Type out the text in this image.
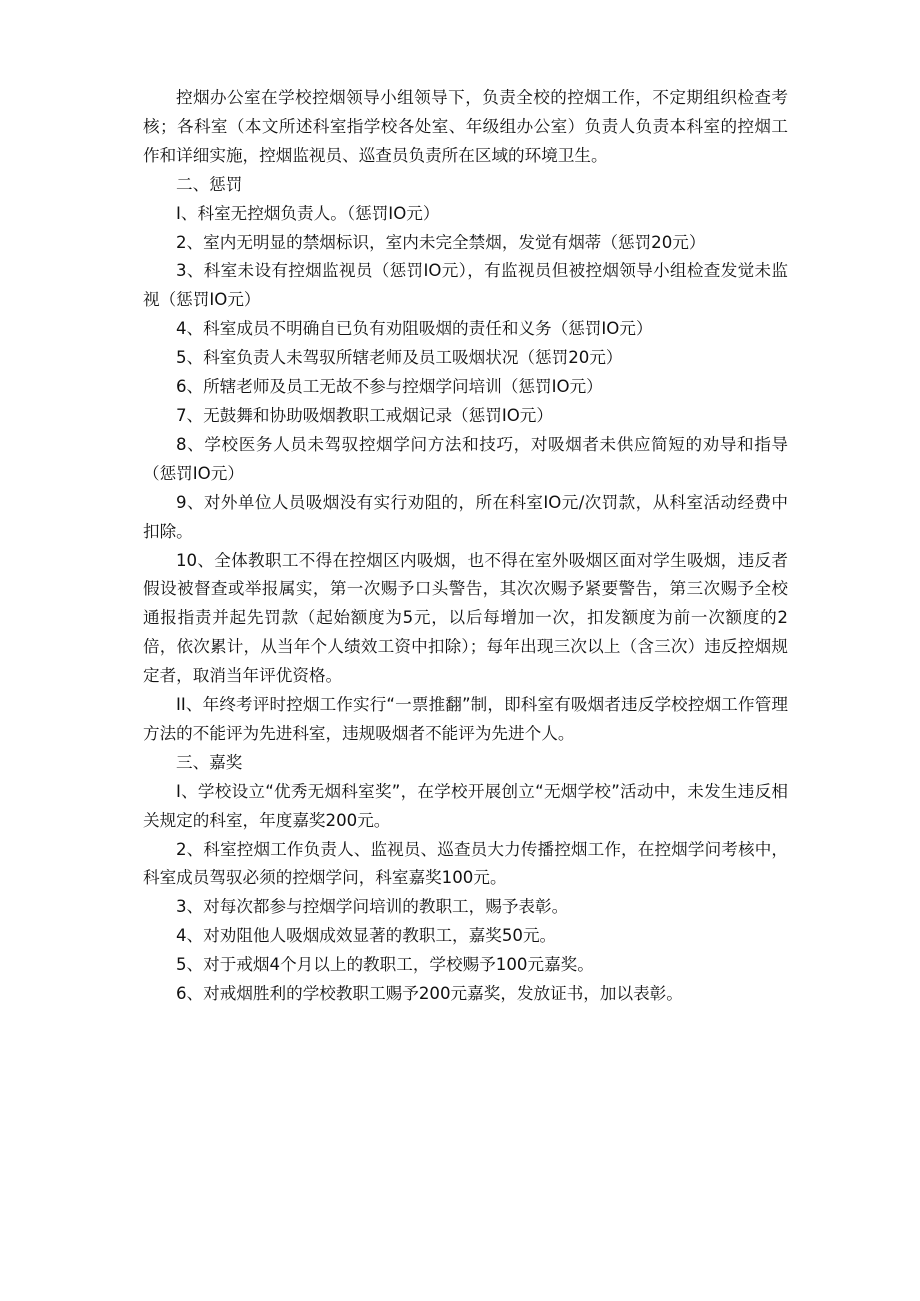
控烟办公室在学校控烟领导小组领导下，负责全校的控烟工作，不定期组织检查考核；各科室（本文所述科室指学校各处室、年级组办公室）负责人负责本科室的控烟工作和详细实施，控烟监视员、巡查员负责所在区域的环境卫生。

二、惩罚

I、科室无控烟负责人。（惩罚IO元）

2、室内无明显的禁烟标识，室内未完全禁烟，发觉有烟蒂（惩罚20元）

3、科室未设有控烟监视员（惩罚IO元），有监视员但被控烟领导小组检查发觉未监视（惩罚IO元）

4、科室成员不明确自已负有劝阻吸烟的责任和义务（惩罚IO元）

5、科室负责人未驾驭所辖老师及员工吸烟状况（惩罚20元）

6、所辖老师及员工无故不参与控烟学问培训（惩罚IO元）

7、无鼓舞和协助吸烟教职工戒烟记录（惩罚IO元）

8、学校医务人员未驾驭控烟学问方法和技巧，对吸烟者未供应简短的劝导和指导（惩罚IO元）

9、对外单位人员吸烟没有实行劝阻的，所在科室IO元/次罚款，从科室活动经费中扣除。

10、全体教职工不得在控烟区内吸烟，也不得在室外吸烟区面对学生吸烟，违反者假设被督查或举报属实，第一次赐予口头警告，其次次赐予紧要警告，第三次赐予全校通报指责并起先罚款（起始额度为5元，以后每增加一次，扣发额度为前一次额度的2倍，依次累计，从当年个人绩效工资中扣除）；每年出现三次以上（含三次）违反控烟规定者，取消当年评优资格。

II、年终考评时控烟工作实行“一票推翻”制，即科室有吸烟者违反学校控烟工作管理方法的不能评为先进科室，违规吸烟者不能评为先进个人。

三、嘉奖

I、学校设立“优秀无烟科室奖”，在学校开展创立“无烟学校”活动中，未发生违反相关规定的科室，年度嘉奖200元。

2、科室控烟工作负责人、监视员、巡查员大力传播控烟工作，在控烟学问考核中，科室成员驾驭必须的控烟学问，科室嘉奖100元。

3、对每次都参与控烟学问培训的教职工，赐予表彰。

4、对劝阻他人吸烟成效显著的教职工，嘉奖50元。

5、对于戒烟4个月以上的教职工，学校赐予100元嘉奖。

6、对戒烟胜利的学校教职工赐予200元嘉奖，发放证书，加以表彰。
